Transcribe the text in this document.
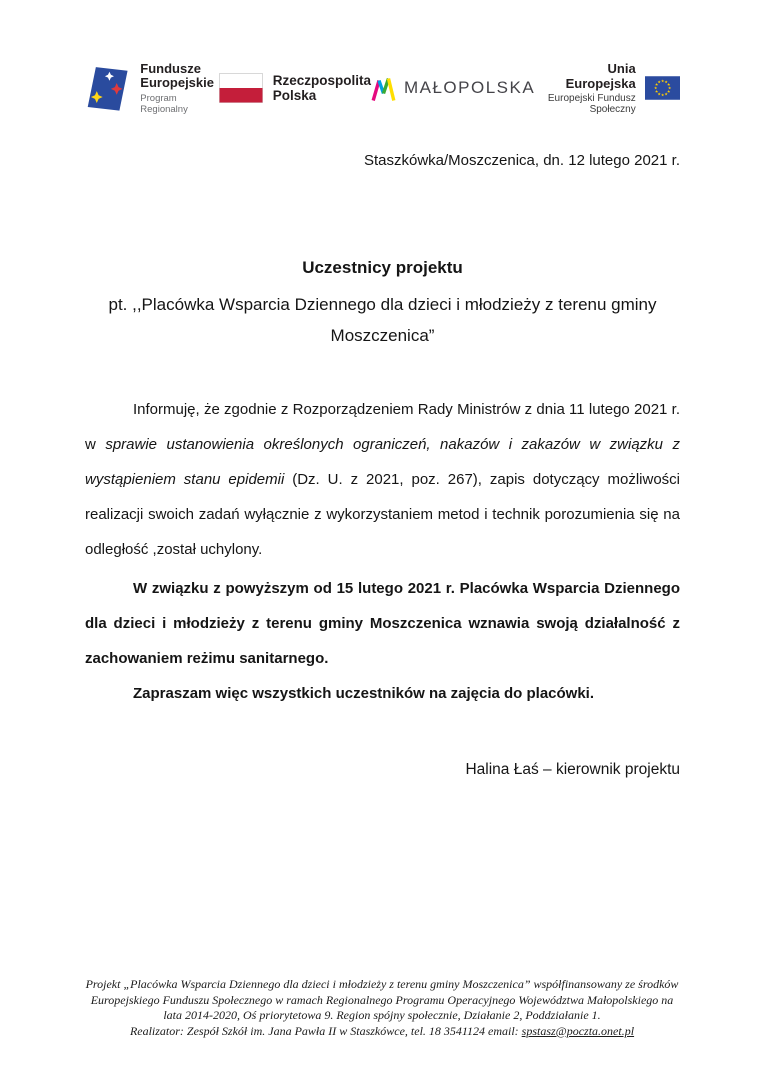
Fundusze
Europejskie
Program Regionalny
Rzeczpospolita
Polska	MAŁOPOLSKA
Unia Europejska
Europejski Fundusz Społeczny
Staszkówka/Moszczenica, dn. 12 lutego 2021 r.
Uczestnicy projektu
pt. ,,Placówka Wsparcia Dziennego dla dzieci i młodzieży z terenu gminy Moszczenica”

Informuję, że zgodnie z Rozporządzeniem Rady Ministrów z dnia 11 lutego 2021 r. w sprawie ustanowienia określonych ograniczeń, nakazów i zakazów w związku z wystąpieniem stanu epidemii (Dz. U. z 2021, poz. 267), zapis dotyczący możliwości realizacji swoich zadań wyłącznie z wykorzystaniem metod i technik porozumienia się na odległość ,został uchylony.

W związku z powyższym od 15 lutego 2021 r. Placówka Wsparcia Dziennego dla dzieci i młodzieży z terenu gminy Moszczenica wznawia swoją działalność z zachowaniem reżimu sanitarnego.

Zapraszam więc wszystkich uczestników na zajęcia do placówki.

Halina Łaś – kierownik projektu
Projekt „Placówka Wsparcia Dziennego dla dzieci i młodzieży z terenu gminy Moszczenica” współfinansowany ze środków
Europejskiego Funduszu Społecznego w ramach Regionalnego Programu Operacyjnego Województwa Małopolskiego na
lata 2014-2020, Oś priorytetowa 9. Region spójny społecznie, Działanie 2, Poddziałanie 1.
Realizator: Zespół Szkół im. Jana Pawła II w Staszkówce, tel. 18 3541124 email: spstasz@poczta.onet.pl
